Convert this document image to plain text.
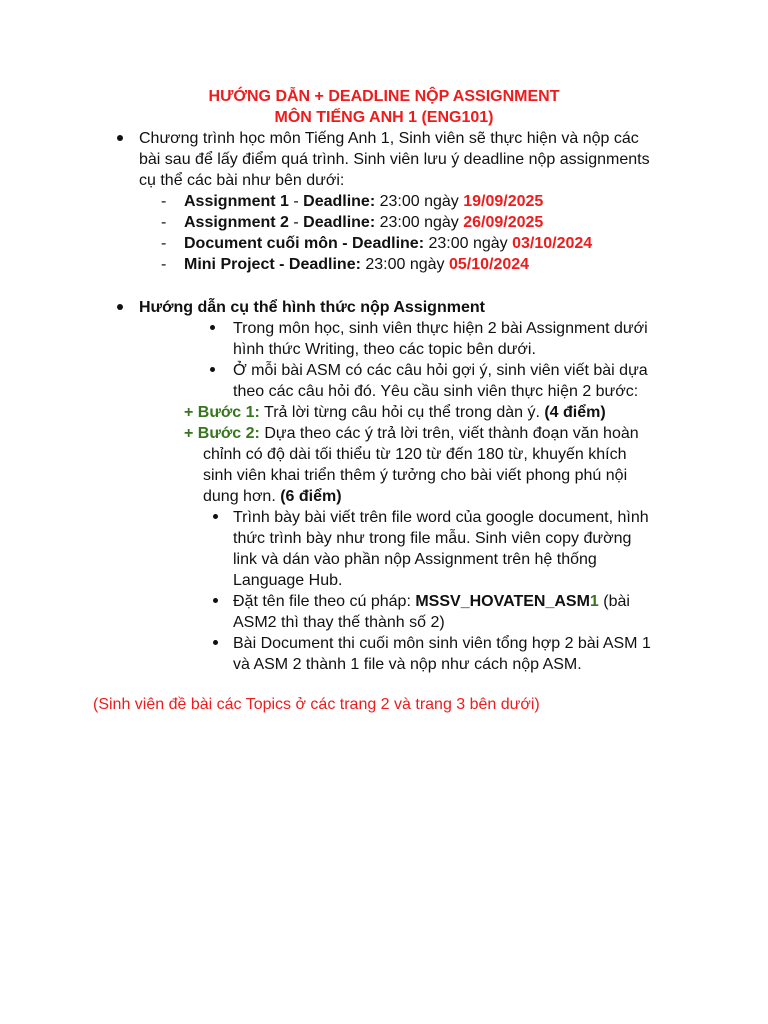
HƯỚNG DẪN + DEADLINE NỘP ASSIGNMENT
MÔN TIẾNG ANH 1 (ENG101)
Chương trình học môn Tiếng Anh 1, Sinh viên sẽ thực hiện và nộp các
bài sau để lấy điểm quá trình. Sinh viên lưu ý deadline nộp assignments
cụ thể các bài như bên dưới:
- Assignment 1 - Deadline: 23:00 ngày 19/09/2025
- Assignment 2 - Deadline: 23:00 ngày 26/09/2025
- Document cuối môn - Deadline: 23:00 ngày 03/10/2024
- Mini Project - Deadline: 23:00 ngày 05/10/2024
Hướng dẫn cụ thể hình thức nộp Assignment
Trong môn học, sinh viên thực hiện 2 bài Assignment dưới
hình thức Writing, theo các topic bên dưới.
Ở mỗi bài ASM có các câu hỏi gợi ý, sinh viên viết bài dựa
theo các câu hỏi đó. Yêu cầu sinh viên thực hiện 2 bước:
+ Bước 1: Trả lời từng câu hỏi cụ thể trong dàn ý. (4 điểm)
+ Bước 2: Dựa theo các ý trả lời trên, viết thành đoạn văn hoàn
chỉnh có độ dài tối thiểu từ 120 từ đến 180 từ, khuyến khích
sinh viên khai triển thêm ý tưởng cho bài viết phong phú nội
dung hơn. (6 điểm)
Trình bày bài viết trên file word của google document, hình
thức trình bày như trong file mẫu. Sinh viên copy đường
link và dán vào phần nộp Assignment trên hệ thống
Language Hub.
Đặt tên file theo cú pháp: MSSV_HOVATEN_ASM1 (bài
ASM2 thì thay thế thành số 2)
Bài Document thi cuối môn sinh viên tổng hợp 2 bài ASM 1
và ASM 2 thành 1 file và nộp như cách nộp ASM.
(Sinh viên đề bài các Topics ở các trang 2 và trang 3 bên dưới)
